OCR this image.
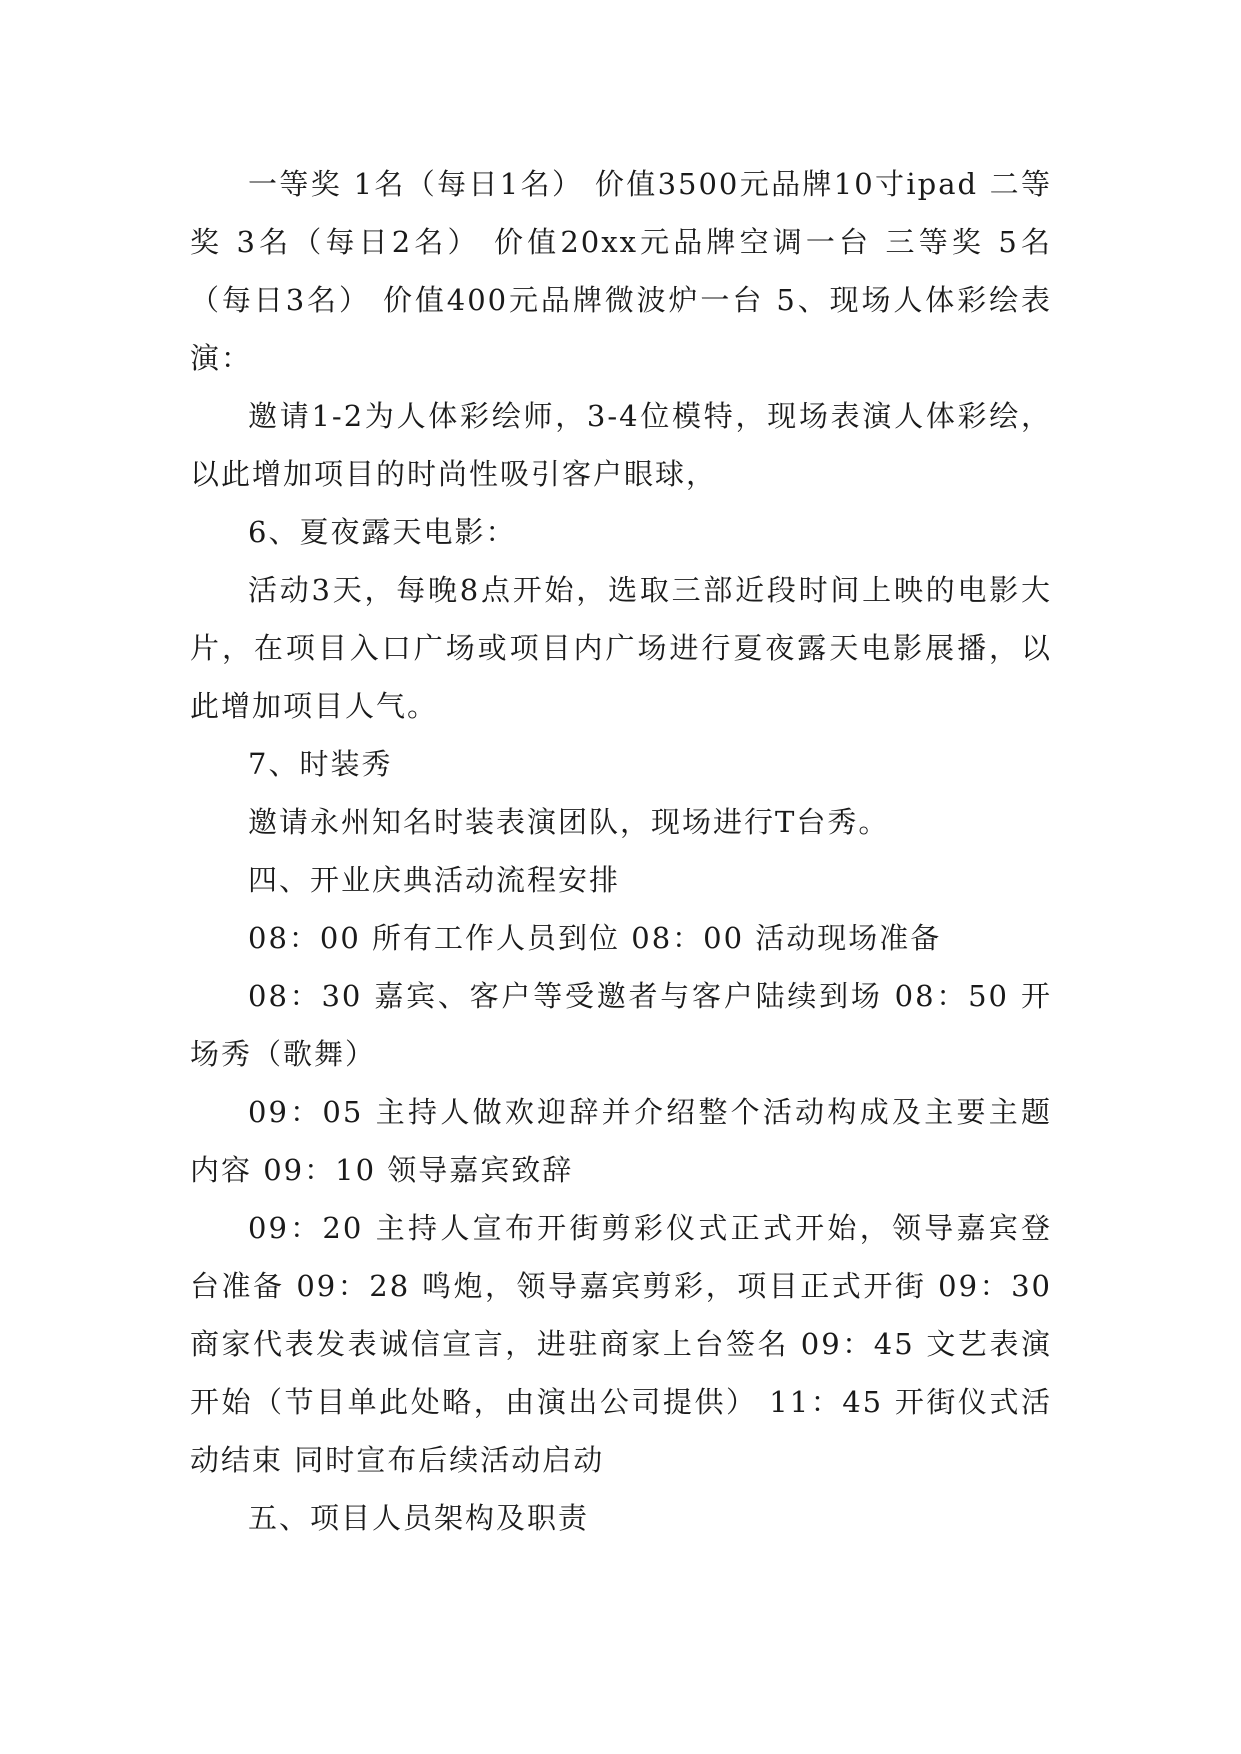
一等奖 1名（每日1名） 价值3500元品牌10寸ipad 二等奖 3名（每日2名） 价值20xx元品牌空调一台 三等奖 5名（每日3名） 价值400元品牌微波炉一台 5、现场人体彩绘表演：

邀请1-2为人体彩绘师，3-4位模特，现场表演人体彩绘，以此增加项目的时尚性吸引客户眼球，

6、夏夜露天电影：

活动3天，每晚8点开始，选取三部近段时间上映的电影大片，在项目入口广场或项目内广场进行夏夜露天电影展播，以此增加项目人气。

7、时装秀

邀请永州知名时装表演团队，现场进行T台秀。

四、开业庆典活动流程安排

08：00 所有工作人员到位 08：00 活动现场准备

08：30 嘉宾、客户等受邀者与客户陆续到场 08：50 开场秀（歌舞）

09：05 主持人做欢迎辞并介绍整个活动构成及主要主题内容 09：10 领导嘉宾致辞

09：20 主持人宣布开街剪彩仪式正式开始，领导嘉宾登台准备 09：28 鸣炮，领导嘉宾剪彩，项目正式开街 09：30 商家代表发表诚信宣言，进驻商家上台签名 09：45 文艺表演开始（节目单此处略，由演出公司提供） 11：45 开街仪式活动结束 同时宣布后续活动启动

五、项目人员架构及职责
